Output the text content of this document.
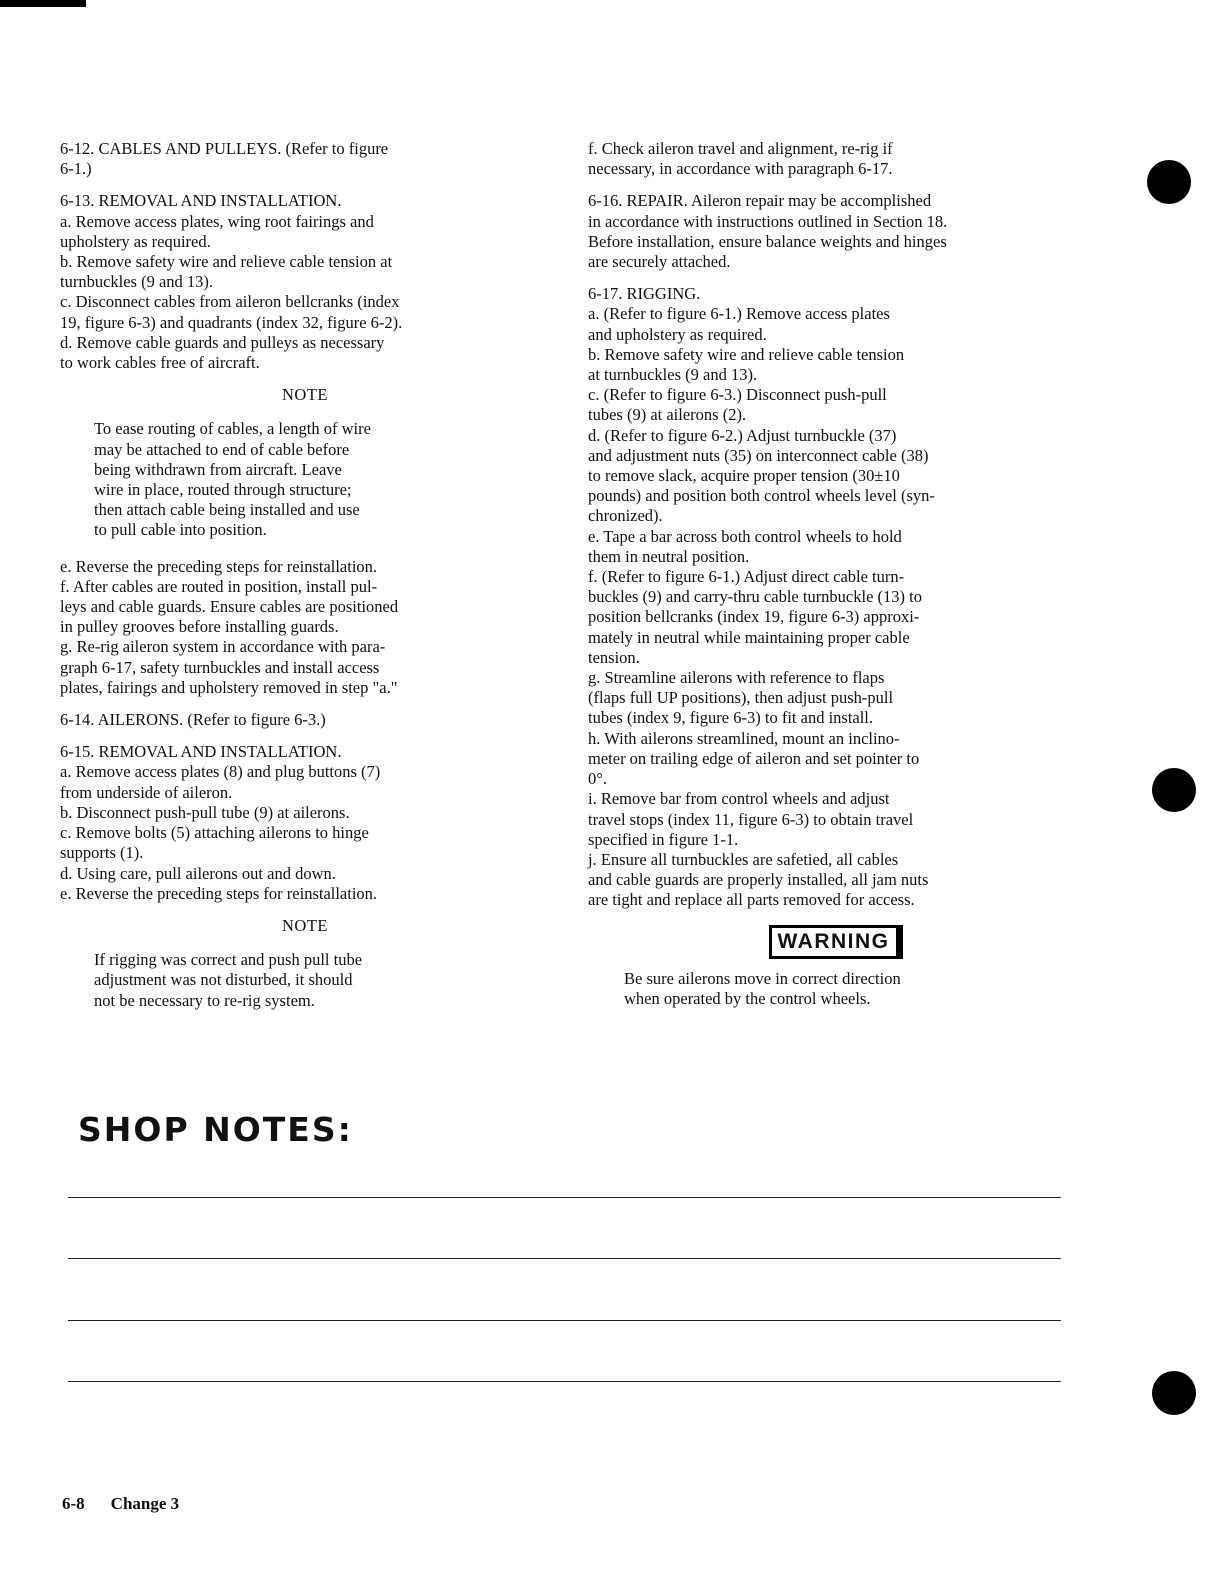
6-12. CABLES AND PULLEYS. (Refer to figure
6-1.)
6-13. REMOVAL AND INSTALLATION.
a. Remove access plates, wing root fairings and
upholstery as required.
b. Remove safety wire and relieve cable tension at
turnbuckles (9 and 13).
c. Disconnect cables from aileron bellcranks (index
19, figure 6-3) and quadrants (index 32, figure 6-2).
d. Remove cable guards and pulleys as necessary
to work cables free of aircraft.
NOTE
To ease routing of cables, a length of wire
may be attached to end of cable before
being withdrawn from aircraft. Leave
wire in place, routed through structure;
then attach cable being installed and use
to pull cable into position.
e. Reverse the preceding steps for reinstallation.
f. After cables are routed in position, install pul-
leys and cable guards. Ensure cables are positioned
in pulley grooves before installing guards.
g. Re-rig aileron system in accordance with para-
graph 6-17, safety turnbuckles and install access
plates, fairings and upholstery removed in step "a."
6-14. AILERONS. (Refer to figure 6-3.)
6-15. REMOVAL AND INSTALLATION.
a. Remove access plates (8) and plug buttons (7)
from underside of aileron.
b. Disconnect push-pull tube (9) at ailerons.
c. Remove bolts (5) attaching ailerons to hinge
supports (1).
d. Using care, pull ailerons out and down.
e. Reverse the preceding steps for reinstallation.
NOTE
If rigging was correct and push pull tube
adjustment was not disturbed, it should
not be necessary to re-rig system.
f. Check aileron travel and alignment, re-rig if
necessary, in accordance with paragraph 6-17.
6-16. REPAIR. Aileron repair may be accomplished
in accordance with instructions outlined in Section 18.
Before installation, ensure balance weights and hinges
are securely attached.
6-17. RIGGING.
a. (Refer to figure 6-1.) Remove access plates
and upholstery as required.
b. Remove safety wire and relieve cable tension
at turnbuckles (9 and 13).
c. (Refer to figure 6-3.) Disconnect push-pull
tubes (9) at ailerons (2).
d. (Refer to figure 6-2.) Adjust turnbuckle (37)
and adjustment nuts (35) on interconnect cable (38)
to remove slack, acquire proper tension (30±10
pounds) and position both control wheels level (syn-
chronized).
e. Tape a bar across both control wheels to hold
them in neutral position.
f. (Refer to figure 6-1.) Adjust direct cable turn-
buckles (9) and carry-thru cable turnbuckle (13) to
position bellcranks (index 19, figure 6-3) approxi-
mately in neutral while maintaining proper cable
tension.
g. Streamline ailerons with reference to flaps
(flaps full UP positions), then adjust push-pull
tubes (index 9, figure 6-3) to fit and install.
h. With ailerons streamlined, mount an inclino-
meter on trailing edge of aileron and set pointer to
0°.
i. Remove bar from control wheels and adjust
travel stops (index 11, figure 6-3) to obtain travel
specified in figure 1-1.
j. Ensure all turnbuckles are safetied, all cables
and cable guards are properly installed, all jam nuts
are tight and replace all parts removed for access.
WARNING
Be sure ailerons move in correct direction
when operated by the control wheels.
SHOP NOTES:
6-8 Change 3
